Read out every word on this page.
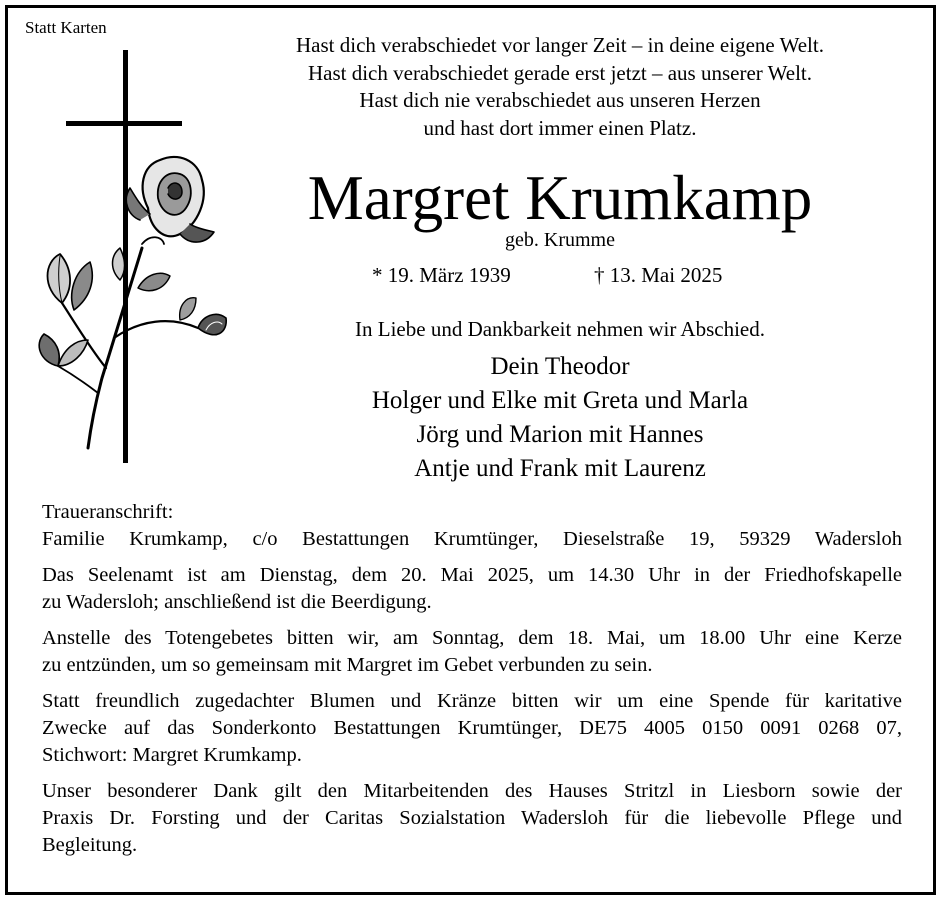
Statt Karten
Hast dich verabschiedet vor langer Zeit – in deine eigene Welt.
Hast dich verabschiedet gerade erst jetzt – aus unserer Welt.
Hast dich nie verabschiedet aus unseren Herzen
und hast dort immer einen Platz.
Margret Krumkamp
geb. Krumme
* 19. März 1939	† 13. Mai 2025
In Liebe und Dankbarkeit nehmen wir Abschied.
Dein Theodor
Holger und Elke mit Greta und Marla
Jörg und Marion mit Hannes
Antje und Frank mit Laurenz
Traueranschrift:
Familie Krumkamp, c/o Bestattungen Krumtünger, Dieselstraße 19, 59329 Wadersloh
Das Seelenamt ist am Dienstag, dem 20. Mai 2025, um 14.30 Uhr in der Friedhofskapelle
zu Wadersloh; anschließend ist die Beerdigung.
Anstelle des Totengebetes bitten wir, am Sonntag, dem 18. Mai, um 18.00 Uhr eine Kerze
zu entzünden, um so gemeinsam mit Margret im Gebet verbunden zu sein.
Statt freundlich zugedachter Blumen und Kränze bitten wir um eine Spende für karitative
Zwecke auf das Sonderkonto Bestattungen Krumtünger, DE75 4005 0150 0091 0268 07,
Stichwort: Margret Krumkamp.
Unser besonderer Dank gilt den Mitarbeitenden des Hauses Stritzl in Liesborn sowie der
Praxis Dr. Forsting und der Caritas Sozialstation Wadersloh für die liebevolle Pflege und
Begleitung.
